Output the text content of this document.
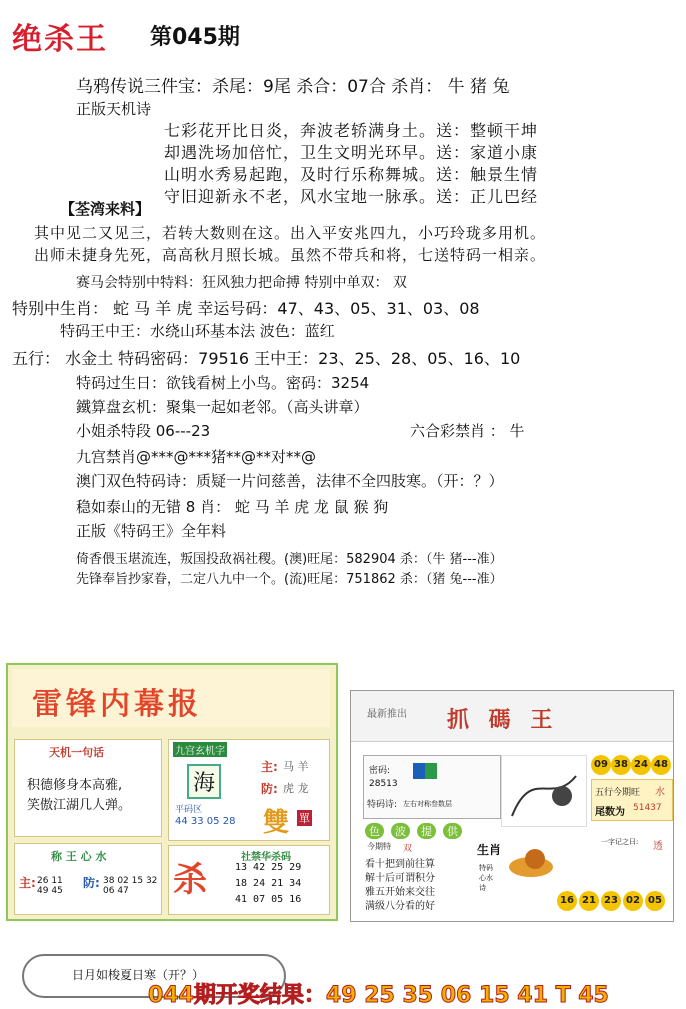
绝杀王 第045期
乌鸦传说三件宝：杀尾：9尾 杀合：07合 杀肖： 牛 猪 兔
正版天机诗
七彩花开比日炎，奔波老轿满身土。送：整顿干坤
却遇洗场加倍忙，卫生文明光环早。送：家道小康
山明水秀易起跑，及时行乐称舞城。送：触景生情
守旧迎新永不老，风水宝地一脉承。送：正儿巴经
【荃湾来料】
其中见二又见三，若转大数则在这。出入平安兆四九，小巧玲珑多用机。
出师未捷身先死，高高秋月照长城。虽然不带兵和将，七送特码一相亲。
赛马会特别中特料：狂风独力把命搏 特别中单双： 双
特别中生肖： 蛇 马 羊 虎 幸运号码：47、43、05、31、03、08
特码王中王：水绕山环基本法 波色：蓝红
五行： 水金土 特码密码：79516 王中王：23、25、28、05、16、10
特码过生日：欲钱看树上小鸟。密码：3254
鐵算盘玄机：聚集一起如老邻。（高头讲章）
小姐杀特段 06---23	六合彩禁肖 ： 牛
九宫禁肖@***@***猪**@**对**@
澳门双色特码诗：质疑一片问慈善，法律不全四肢寒。（开：？）
稳如泰山的无错 8 肖： 蛇 马 羊 虎 龙 鼠 猴 狗
正版《特码王》全年料
倚香偎玉堪流连，叛国投敌祸社稷。(澳)旺尾：582904 杀：（牛 猪---准）
先锋奉旨抄家眷，二定八九中一个。(流)旺尾：751862 杀：（猪 兔---准）
雷锋内幕报
天机一句话
积德修身本高雅,
笑傲江湖几人弹。
九宫玄机字
海
主: 马 羊
防: 虎 龙
平码区
44 33 05 28 雙 單
称 王 心 水
主: 26 11 49 45
防: 38 02 15 32 06 47	杀
社禁华杀码
13 42 25 29
18 24 21 34
41 07 05 16
最新推出 抓 碼 王
密码:
28513
特码诗: 左右对称叁数层
09 38 24 48
五行今期旺 水
尾数为 51437
色	波	提	供
今期特 双	生肖
看十把到前往算
解十后可谓积分
雅五开始来交往
满级八分看的好
特码心水诗
一字记之曰: 透
16 21 23 02 05
日月如梭夏日寒（开？）
044期开奖结果：49 25 35 06 15 41 T 45
